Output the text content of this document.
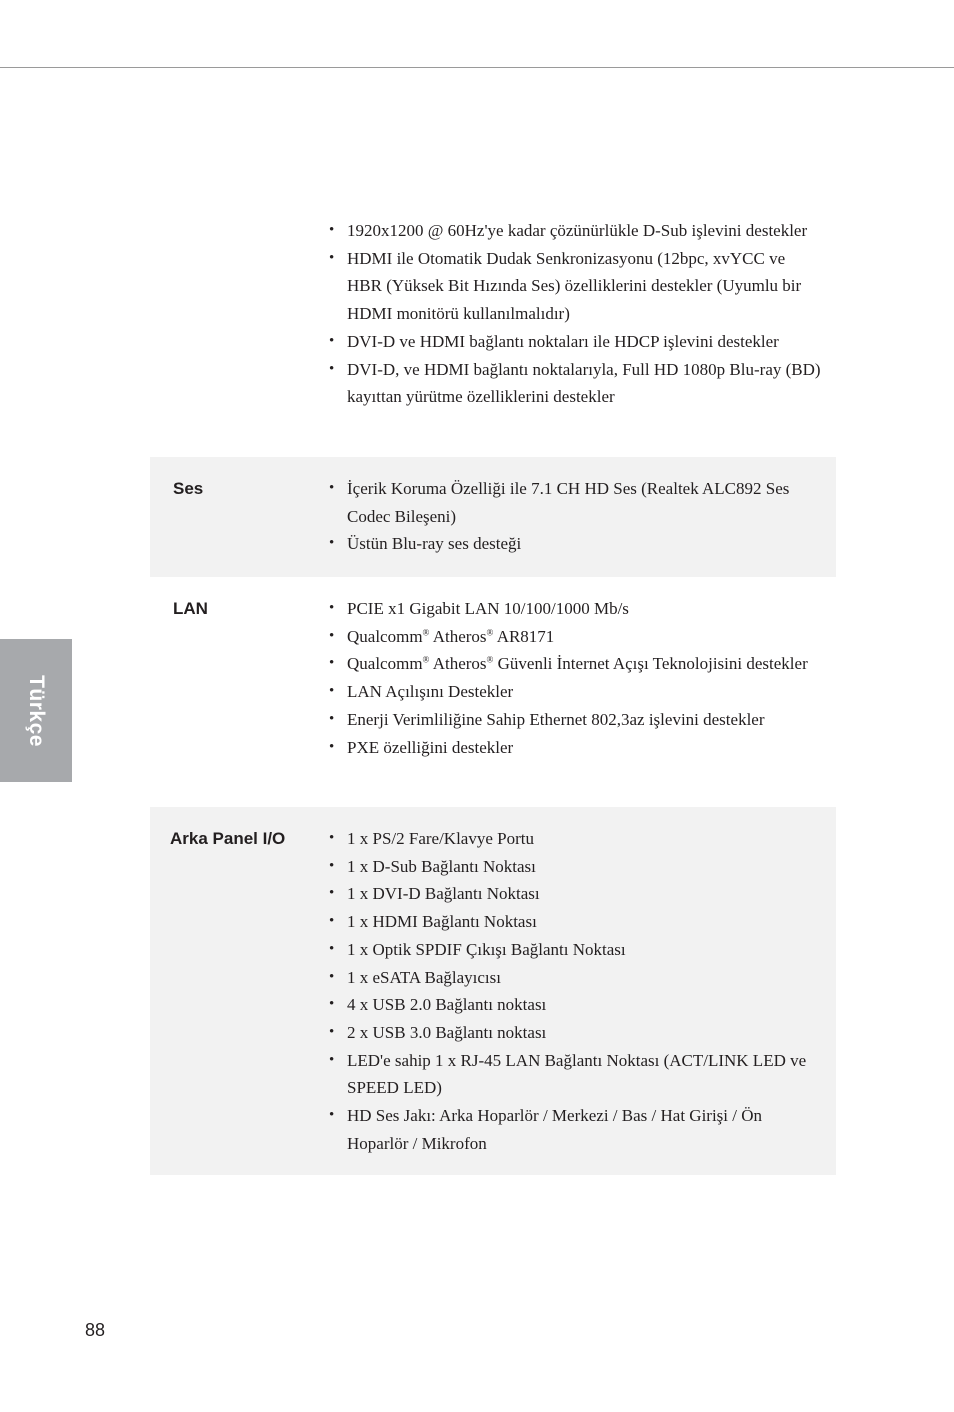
Türkçe
• 1920x1200 @ 60Hz'ye kadar çözünürlükle D-Sub işlevini destekler
• HDMI ile Otomatik Dudak Senkronizasyonu (12bpc, xvYCC ve HBR (Yüksek Bit Hızında Ses) özelliklerini destekler (Uyumlu bir HDMI monitörü kullanılmalıdır)
• DVI-D ve HDMI bağlantı noktaları ile HDCP işlevini destekler
• DVI-D, ve HDMI bağlantı noktalarıyla, Full HD 1080p Blu-ray (BD) kayıttan yürütme özelliklerini destekler
Ses	• İçerik Koruma Özelliği ile 7.1 CH HD Ses (Realtek ALC892 Ses Codec Bileşeni)
• Üstün Blu-ray ses desteği
LAN	• PCIE x1 Gigabit LAN 10/100/1000 Mb/s
• Qualcomm® Atheros® AR8171
• Qualcomm® Atheros® Güvenli İnternet Açışı Teknolojisini destekler
• LAN Açılışını Destekler
• Enerji Verimliliğine Sahip Ethernet 802,3az işlevini destekler
• PXE özelliğini destekler
Arka Panel I/O	• 1 x PS/2 Fare/Klavye Portu
• 1 x D-Sub Bağlantı Noktası
• 1 x DVI-D Bağlantı Noktası
• 1 x HDMI Bağlantı Noktası
• 1 x Optik SPDIF Çıkışı Bağlantı Noktası
• 1 x eSATA Bağlayıcısı
• 4 x USB 2.0 Bağlantı noktası
• 2 x USB 3.0 Bağlantı noktası
• LED'e sahip 1 x RJ-45 LAN Bağlantı Noktası (ACT/LINK LED ve SPEED LED)
• HD Ses Jakı: Arka Hoparlör / Merkezi / Bas / Hat Girişi / Ön Hoparlör / Mikrofon
88
